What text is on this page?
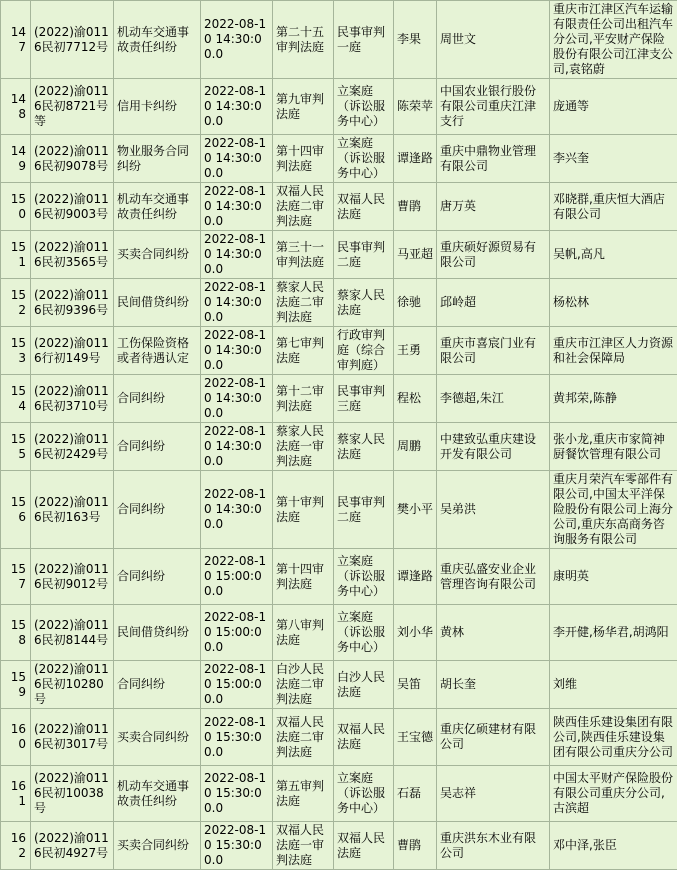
147	(2022)渝0116民初7712号	机动车交通事故责任纠纷	2022-08-10 14:30:00.0	第二十五审判法庭	民事审判一庭	李果	周世文	重庆市江津区汽车运输有限责任公司出租汽车分公司,平安财产保险股份有限公司江津支公司,袁铭蔚
148	(2022)渝0116民初8721号等	信用卡纠纷	2022-08-10 14:30:00.0	第九审判法庭	立案庭（诉讼服务中心）	陈荣苹	中国农业银行股份有限公司重庆江津支行	庞通等
149	(2022)渝0116民初9078号	物业服务合同纠纷	2022-08-10 14:30:00.0	第十四审判法庭	立案庭（诉讼服务中心）	谭逢路	重庆中鼎物业管理有限公司	李兴奎
150	(2022)渝0116民初9003号	机动车交通事故责任纠纷	2022-08-10 14:30:00.0	双福人民法庭二审判法庭	双福人民法庭	曹鹃	唐万英	邓晓群,重庆恒大酒店有限公司
151	(2022)渝0116民初3565号	买卖合同纠纷	2022-08-10 14:30:00.0	第三十一审判法庭	民事审判二庭	马亚超	重庆硕好源贸易有限公司	吴帆,高凡
152	(2022)渝0116民初9396号	民间借贷纠纷	2022-08-10 14:30:00.0	蔡家人民法庭二审判法庭	蔡家人民法庭	徐驰	邱岭超	杨松林
153	(2022)渝0116行初149号	工伤保险资格或者待遇认定	2022-08-10 14:30:00.0	第七审判法庭	行政审判庭（综合审判庭）	王勇	重庆市喜宸门业有限公司	重庆市江津区人力资源和社会保障局
154	(2022)渝0116民初3710号	合同纠纷	2022-08-10 14:30:00.0	第十二审判法庭	民事审判三庭	程松	李德超,朱江	黄邦荣,陈静
155	(2022)渝0116民初2429号	合同纠纷	2022-08-10 14:30:00.0	蔡家人民法庭一审判法庭	蔡家人民法庭	周鹏	中建致弘重庆建设开发有限公司	张小龙,重庆市家简神厨餐饮管理有限公司
156	(2022)渝0116民初163号	合同纠纷	2022-08-10 14:30:00.0	第十审判法庭	民事审判二庭	樊小平	吴弟洪	重庆月荣汽车零部件有限公司,中国太平洋保险股份有限公司上海分公司,重庆东高商务咨询服务有限公司
157	(2022)渝0116民初9012号	合同纠纷	2022-08-10 15:00:00.0	第十四审判法庭	立案庭（诉讼服务中心）	谭逢路	重庆弘盛安业企业管理咨询有限公司	康明英
158	(2022)渝0116民初8144号	民间借贷纠纷	2022-08-10 15:00:00.0	第八审判法庭	立案庭（诉讼服务中心）	刘小华	黄林	李开健,杨华君,胡鸿阳
159	(2022)渝0116民初10280号	合同纠纷	2022-08-10 15:00:00.0	白沙人民法庭二审判法庭	白沙人民法庭	吴笛	胡长奎	刘维
160	(2022)渝0116民初3017号	买卖合同纠纷	2022-08-10 15:30:00.0	双福人民法庭二审判法庭	双福人民法庭	王宝德	重庆亿硕建材有限公司	陕西佳乐建设集团有限公司,陕西佳乐建设集团有限公司重庆分公司
161	(2022)渝0116民初10038号	机动车交通事故责任纠纷	2022-08-10 15:30:00.0	第五审判法庭	立案庭（诉讼服务中心）	石磊	吴志祥	中国太平财产保险股份有限公司重庆分公司,古滨超
162	(2022)渝0116民初4927号	买卖合同纠纷	2022-08-10 15:30:00.0	双福人民法庭一审判法庭	双福人民法庭	曹鹃	重庆洪东木业有限公司	邓中泽,张臣
